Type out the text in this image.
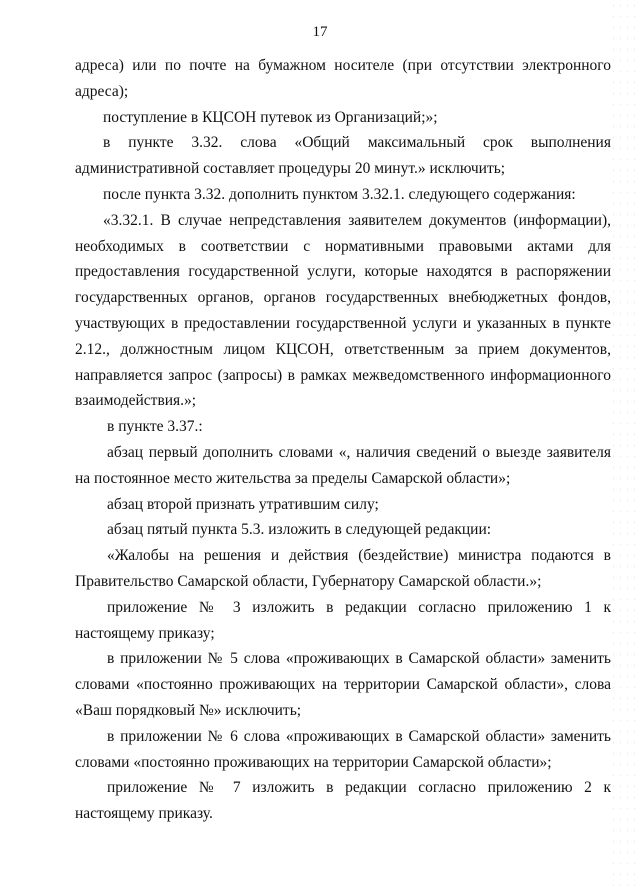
17

адреса) или по почте на бумажном носителе (при отсутствии электронного адреса);

поступление в КЦСОН путевок из Организаций;»;

в пункте 3.32. слова «Общий максимальный срок выполнения административной составляет процедуры 20 минут.» исключить;

после пункта 3.32. дополнить пунктом 3.32.1. следующего содержания:

«3.32.1. В случае непредставления заявителем документов (информации), необходимых в соответствии с нормативными правовыми актами для предоставления государственной услуги, которые находятся в распоряжении государственных органов, органов государственных внебюджетных фондов, участвующих в предоставлении государственной услуги и указанных в пункте 2.12., должностным лицом КЦСОН, ответственным за прием документов, направляется запрос (запросы) в рамках межведомственного информационного взаимодействия.»;

в пункте 3.37.:

абзац первый дополнить словами «, наличия сведений о выезде заявителя на постоянное место жительства за пределы Самарской области»;

абзац второй признать утратившим силу;

абзац пятый пункта 5.3. изложить в следующей редакции:

«Жалобы на решения и действия (бездействие) министра подаются в Правительство Самарской области, Губернатору Самарской области.»;

приложение № 3 изложить в редакции согласно приложению 1 к настоящему приказу;

в приложении № 5 слова «проживающих в Самарской области» заменить словами «постоянно проживающих на территории Самарской области», слова «Ваш порядковый №» исключить;

в приложении № 6 слова «проживающих в Самарской области» заменить словами «постоянно проживающих на территории Самарской области»;

приложение № 7 изложить в редакции согласно приложению 2 к настоящему приказу.
